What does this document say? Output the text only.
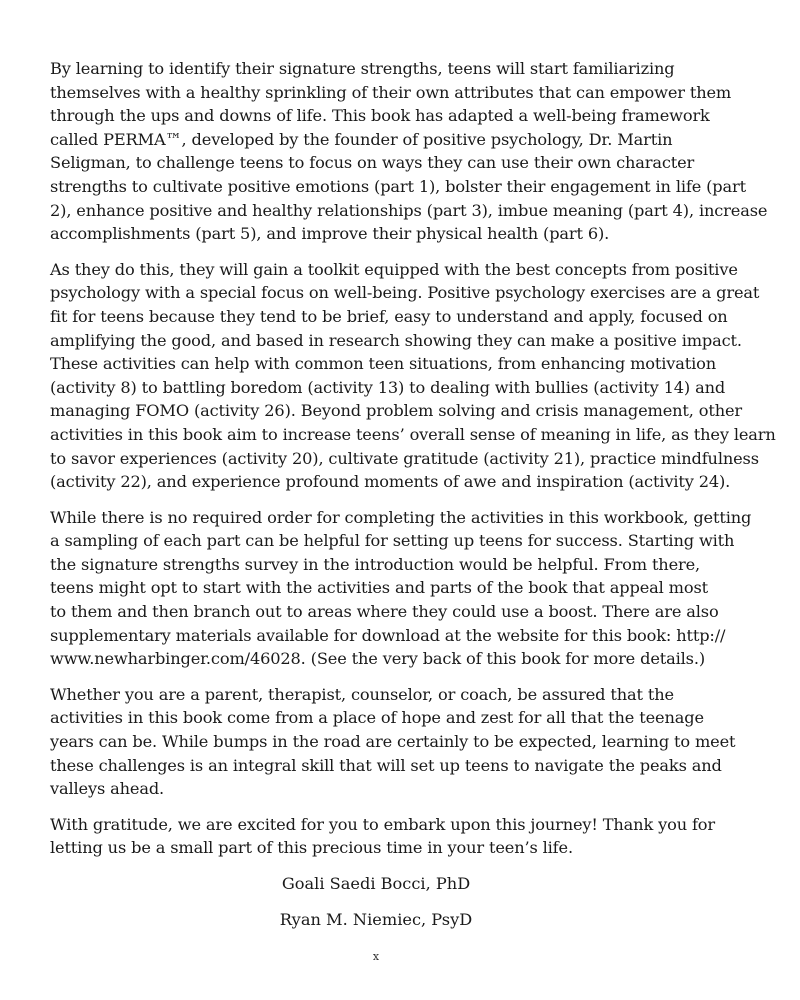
By learning to identify their signature strengths, teens will start familiarizing
themselves with a healthy sprinkling of their own attributes that can empower them
through the ups and downs of life. This book has adapted a well-being framework
called PERMA™, developed by the founder of positive psychology, Dr. Martin
Seligman, to challenge teens to focus on ways they can use their own character
strengths to cultivate positive emotions (part 1), bolster their engagement in life (part
2), enhance positive and healthy relationships (part 3), imbue meaning (part 4), increase
accomplishments (part 5), and improve their physical health (part 6).

As they do this, they will gain a toolkit equipped with the best concepts from positive
psychology with a special focus on well-being. Positive psychology exercises are a great
fit for teens because they tend to be brief, easy to understand and apply, focused on
amplifying the good, and based in research showing they can make a positive impact.
These activities can help with common teen situations, from enhancing motivation
(activity 8) to battling boredom (activity 13) to dealing with bullies (activity 14) and
managing FOMO (activity 26). Beyond problem solving and crisis management, other
activities in this book aim to increase teens’ overall sense of meaning in life, as they learn
to savor experiences (activity 20), cultivate gratitude (activity 21), practice mindfulness
(activity 22), and experience profound moments of awe and inspiration (activity 24).

While there is no required order for completing the activities in this workbook, getting
a sampling of each part can be helpful for setting up teens for success. Starting with
the signature strengths survey in the introduction would be helpful. From there,
teens might opt to start with the activities and parts of the book that appeal most
to them and then branch out to areas where they could use a boost. There are also
supplementary materials available for download at the website for this book: http://
www.newharbinger.com/46028. (See the very back of this book for more details.)

Whether you are a parent, therapist, counselor, or coach, be assured that the
activities in this book come from a place of hope and zest for all that the teenage
years can be. While bumps in the road are certainly to be expected, learning to meet
these challenges is an integral skill that will set up teens to navigate the peaks and
valleys ahead.

With gratitude, we are excited for you to embark upon this journey! Thank you for
letting us be a small part of this precious time in your teen’s life.

Goali Saedi Bocci, PhD

Ryan M. Niemiec, PsyD

x
